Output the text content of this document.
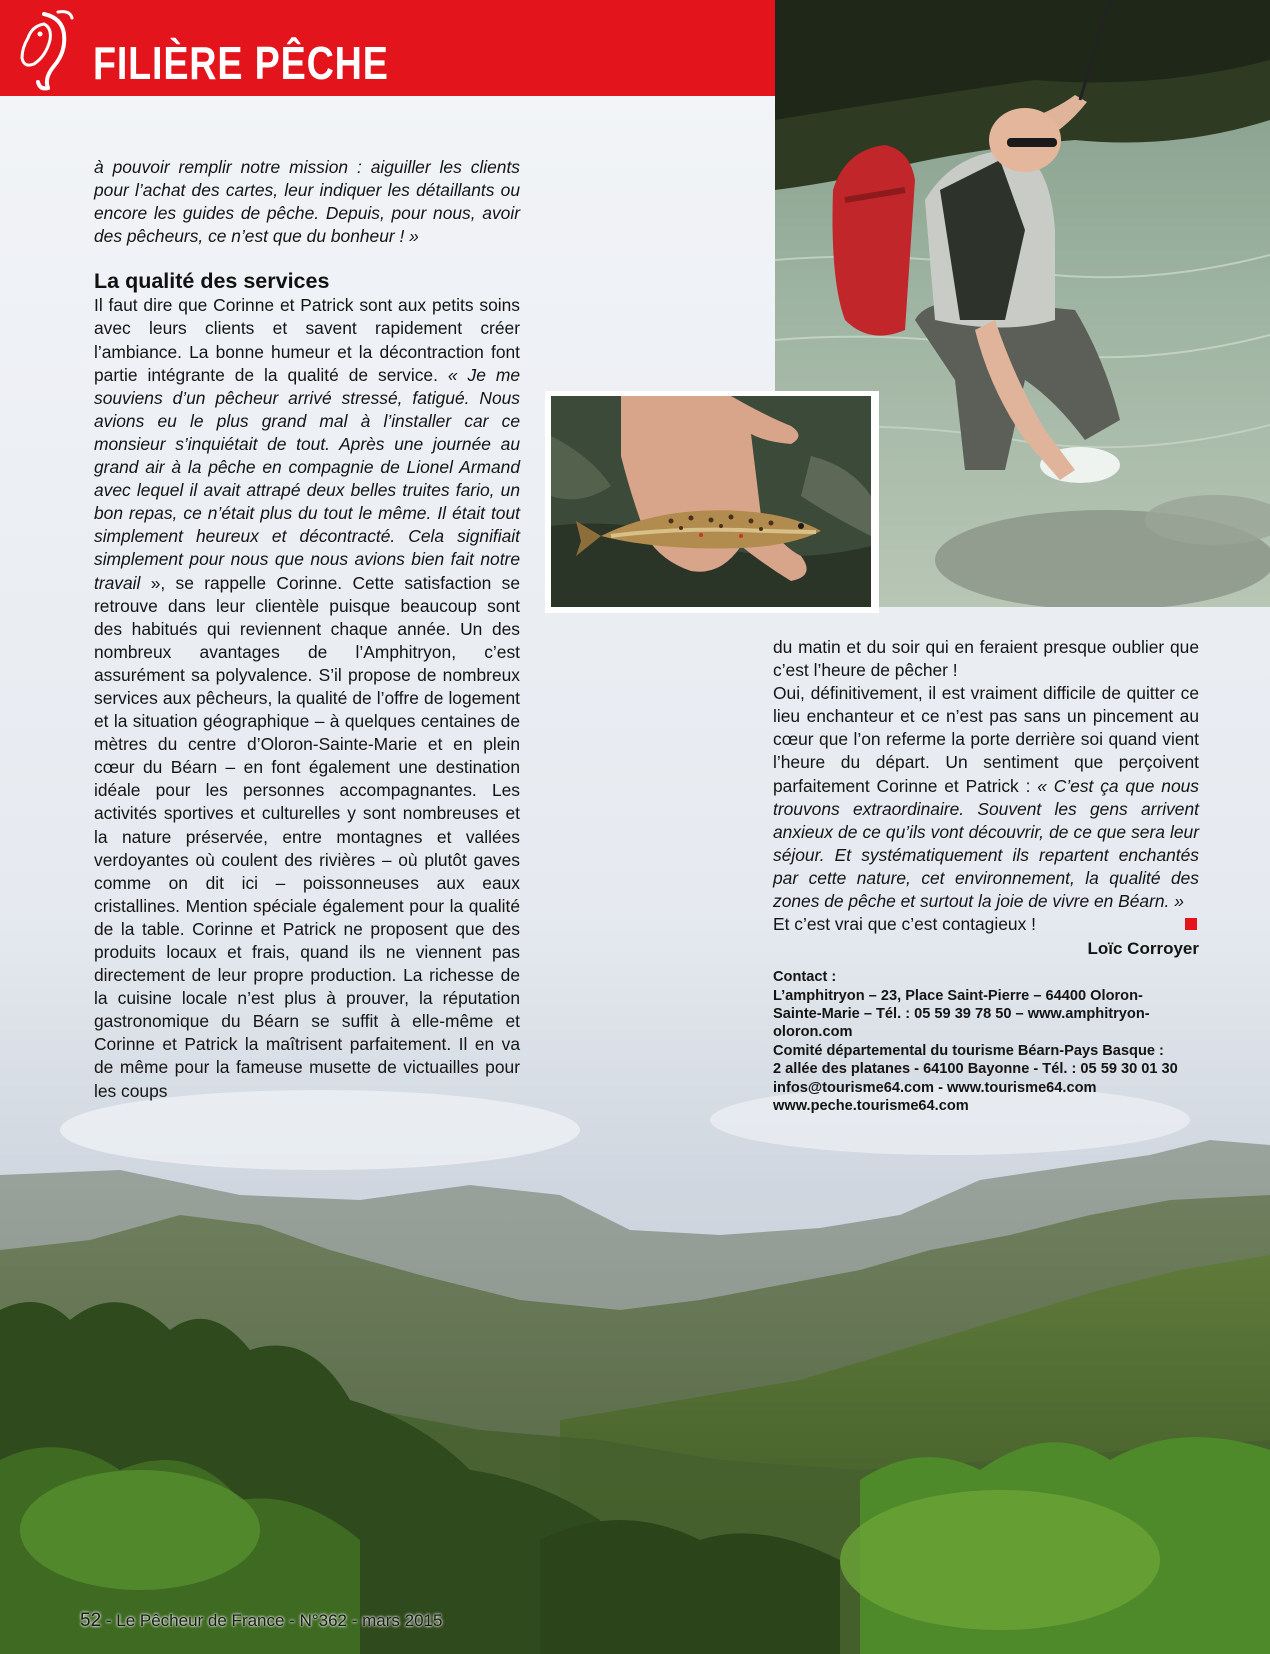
FILIÈRE PÊCHE

à pouvoir remplir notre mission : aiguiller les clients pour l’achat des cartes, leur indiquer les détaillants ou encore les guides de pêche. Depuis, pour nous, avoir des pêcheurs, ce n’est que du bonheur ! »

La qualité des services

Il faut dire que Corinne et Patrick sont aux petits soins avec leurs clients et savent rapidement créer l’ambiance. La bonne humeur et la décontraction font partie intégrante de la qualité de service. « Je me souviens d’un pêcheur arrivé stressé, fatigué. Nous avions eu le plus grand mal à l’installer car ce monsieur s’inquiétait de tout. Après une journée au grand air à la pêche en compagnie de Lionel Armand avec lequel il avait attrapé deux belles truites fario, un bon repas, ce n’était plus du tout le même. Il était tout simplement heureux et décontracté. Cela signifiait simplement pour nous que nous avions bien fait notre travail », se rappelle Corinne. Cette satisfaction se retrouve dans leur clientèle puisque beaucoup sont des habitués qui reviennent chaque année. Un des nombreux avantages de l’Amphitryon, c’est assurément sa polyvalence. S’il propose de nombreux services aux pêcheurs, la qualité de l’offre de logement et la situation géographique – à quelques centaines de mètres du centre d’Oloron-Sainte-Marie et en plein cœur du Béarn – en font également une destination idéale pour les personnes accompagnantes. Les activités sportives et culturelles y sont nombreuses et la nature préservée, entre montagnes et vallées verdoyantes où coulent des rivières – où plutôt gaves comme on dit ici – poissonneuses aux eaux cristallines. Mention spéciale également pour la qualité de la table. Corinne et Patrick ne proposent que des produits locaux et frais, quand ils ne viennent pas directement de leur propre production. La richesse de la cuisine locale n’est plus à prouver, la réputation gastronomique du Béarn se suffit à elle-même et Corinne et Patrick la maîtrisent parfaitement. Il en va de même pour la fameuse musette de victuailles pour les coups

du matin et du soir qui en feraient presque oublier que c’est l’heure de pêcher !

Oui, définitivement, il est vraiment difficile de quitter ce lieu enchanteur et ce n’est pas sans un pincement au cœur que l’on referme la porte derrière soi quand vient l’heure du départ. Un sentiment que perçoivent parfaitement Corinne et Patrick : « C’est ça que nous trouvons extraordinaire. Souvent les gens arrivent anxieux de ce qu’ils vont découvrir, de ce que sera leur séjour. Et systématiquement ils repartent enchantés par cette nature, cet environnement, la qualité des zones de pêche et surtout la joie de vivre en Béarn. »

Et c’est vrai que c’est contagieux !

Loïc Corroyer
Contact :
L’amphitryon – 23, Place Saint-Pierre – 64400 Oloron-
Sainte-Marie – Tél. : 05 59 39 78 50 – www.amphitryon-
oloron.com
Comité départemental du tourisme Béarn-Pays Basque :
2 allée des platanes - 64100 Bayonne - Tél. : 05 59 30 01 30
infos@tourisme64.com - www.tourisme64.com
www.peche.tourisme64.com
52 - Le Pêcheur de France - N°362 - mars 2015
